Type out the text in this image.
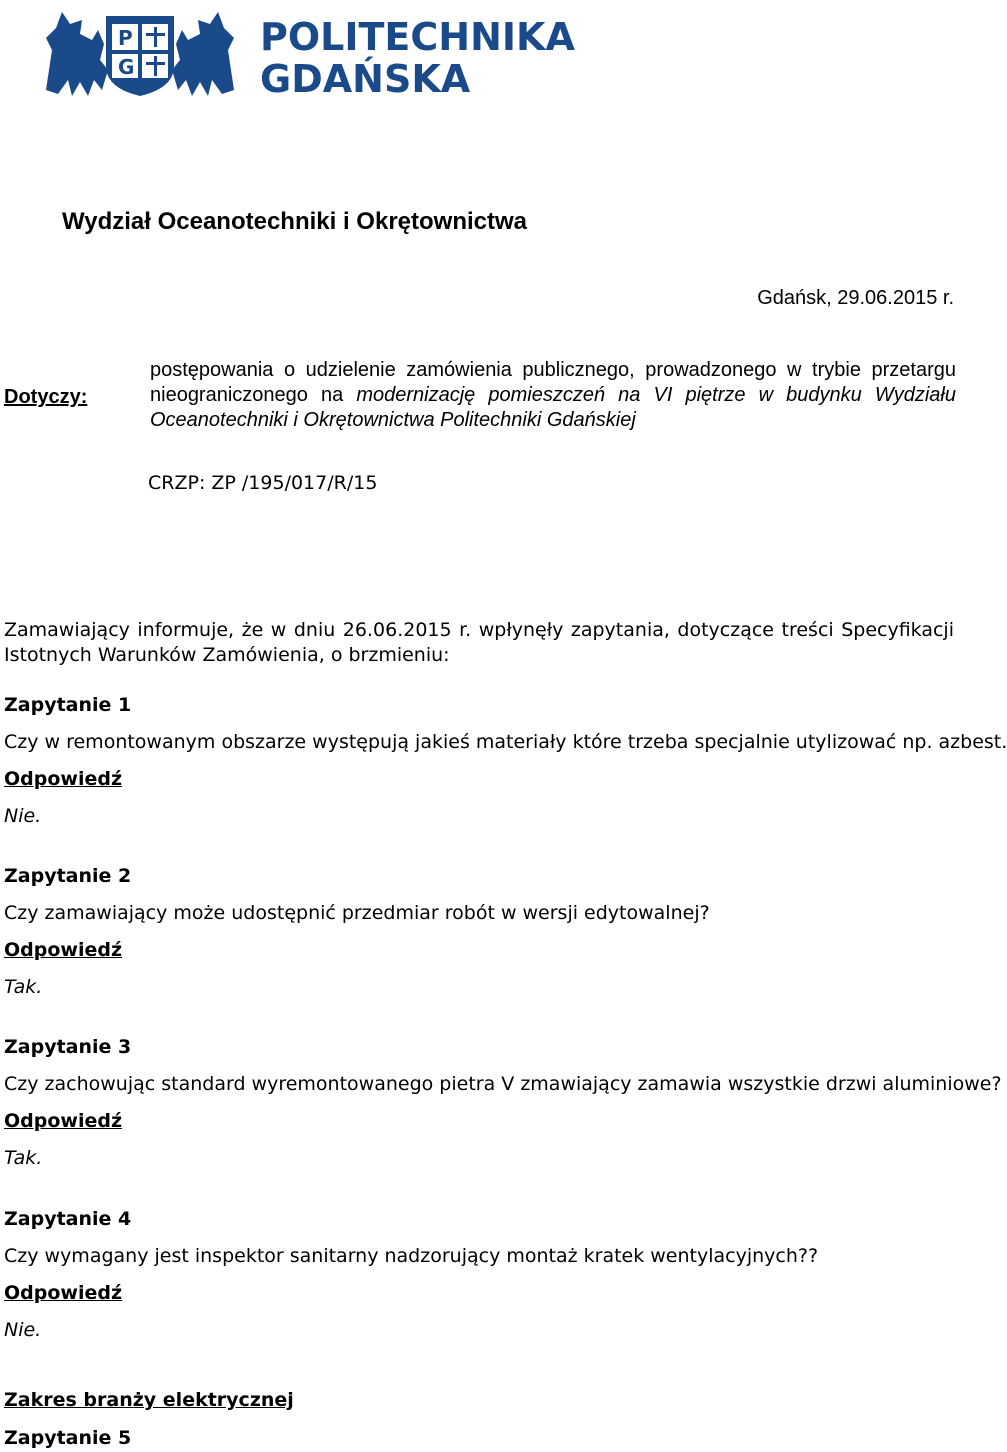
P
G
POLITECHNIKA
GDAŃSKA
Wydział Oceanotechniki i Okrętownictwa
Gdańsk, 29.06.2015 r.
Dotyczy:

postępowania o udzielenie zamówienia publicznego, prowadzonego w trybie przetargu nieograniczonego na modernizację pomieszczeń na VI piętrze w budynku Wydziału Oceanotechniki i Okrętownictwa Politechniki Gdańskiej

CRZP: ZP /195/017/R/15
Zamawiający informuje, że w dniu 26.06.2015 r. wpłynęły zapytania, dotyczące treści Specyfikacji Istotnych Warunków Zamówienia, o brzmieniu:
Zapytanie 1
Czy w remontowanym obszarze występują jakieś materiały które trzeba specjalnie utylizować np. azbest.
Odpowiedź
Nie.
Zapytanie 2
Czy zamawiający może udostępnić przedmiar robót w wersji edytowalnej?
Odpowiedź
Tak.
Zapytanie 3
Czy zachowując standard wyremontowanego pietra V zmawiający zamawia wszystkie drzwi aluminiowe?
Odpowiedź
Tak.
Zapytanie 4
Czy wymagany jest inspektor sanitarny nadzorujący montaż kratek wentylacyjnych??
Odpowiedź
Nie.
Zakres branży elektrycznej
Zapytanie 5
